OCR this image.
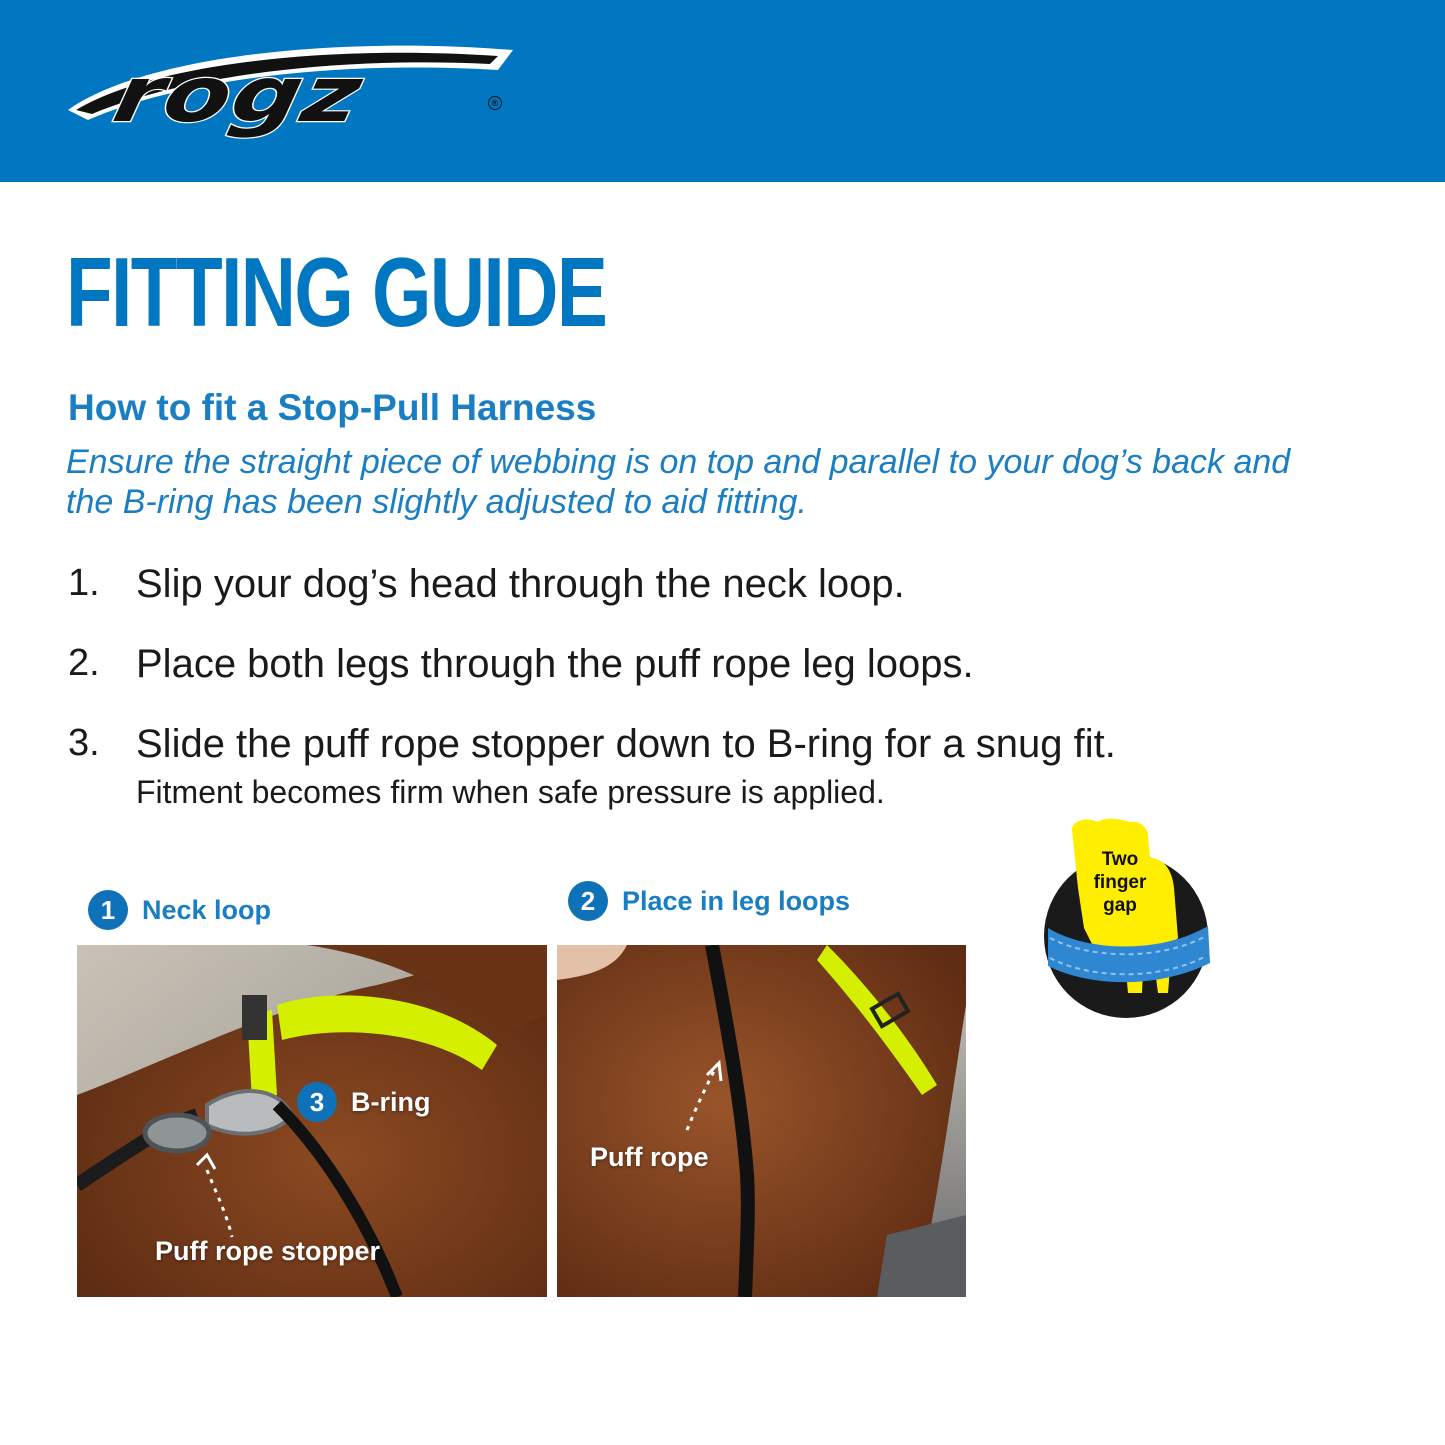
rogz	®
FITTING GUIDE
How to fit a Stop-Pull Harness

Ensure the straight piece of webbing is on top and parallel to your dog’s back and the B-ring has been slightly adjusted to aid fitting.

1. Slip your dog’s head through the neck loop.
2. Place both legs through the puff rope leg loops.
3. Slide the puff rope stopper down to B-ring for a snug fit.
Fitment becomes firm when safe pressure is applied.
1 Neck loop	2 Place in leg loops
3 B-ring
Puff rope stopper
Puff rope
Two
finger
gap
